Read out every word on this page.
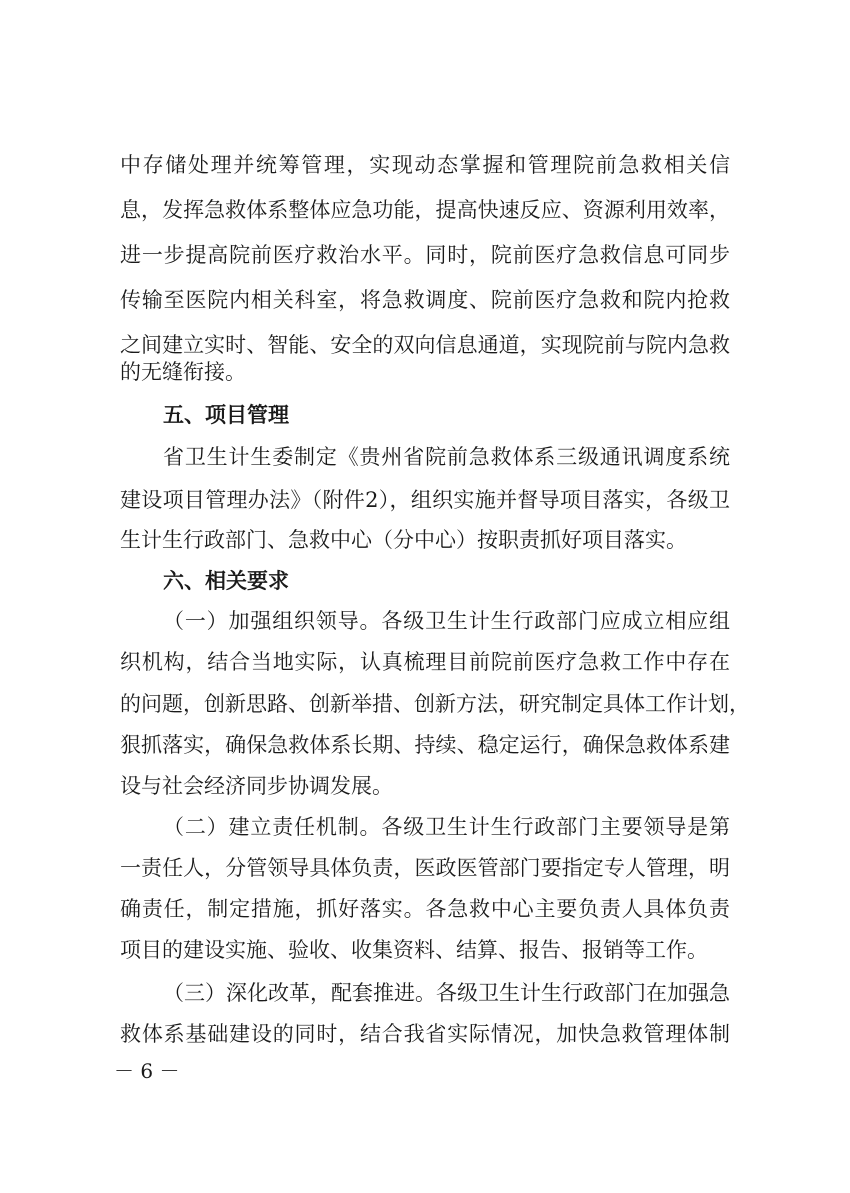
中存储处理并统筹管理，实现动态掌握和管理院前急救相关信
息，发挥急救体系整体应急功能，提高快速反应、资源利用效率，
进一步提高院前医疗救治水平。同时，院前医疗急救信息可同步
传输至医院内相关科室，将急救调度、院前医疗急救和院内抢救
之间建立实时、智能、安全的双向信息通道，实现院前与院内急救
的无缝衔接。
五、项目管理
省卫生计生委制定《贵州省院前急救体系三级通讯调度系统
建设项目管理办法》（附件2），组织实施并督导项目落实，各级卫
生计生行政部门、急救中心（分中心）按职责抓好项目落实。
六、相关要求
（一）加强组织领导。各级卫生计生行政部门应成立相应组
织机构，结合当地实际，认真梳理目前院前医疗急救工作中存在
的问题，创新思路、创新举措、创新方法，研究制定具体工作计划，
狠抓落实，确保急救体系长期、持续、稳定运行，确保急救体系建
设与社会经济同步协调发展。
（二）建立责任机制。各级卫生计生行政部门主要领导是第
一责任人，分管领导具体负责，医政医管部门要指定专人管理，明
确责任，制定措施，抓好落实。各急救中心主要负责人具体负责
项目的建设实施、验收、收集资料、结算、报告、报销等工作。
（三）深化改革，配套推进。各级卫生计生行政部门在加强急
救体系基础建设的同时，结合我省实际情况，加快急救管理体制
－ 6 －
